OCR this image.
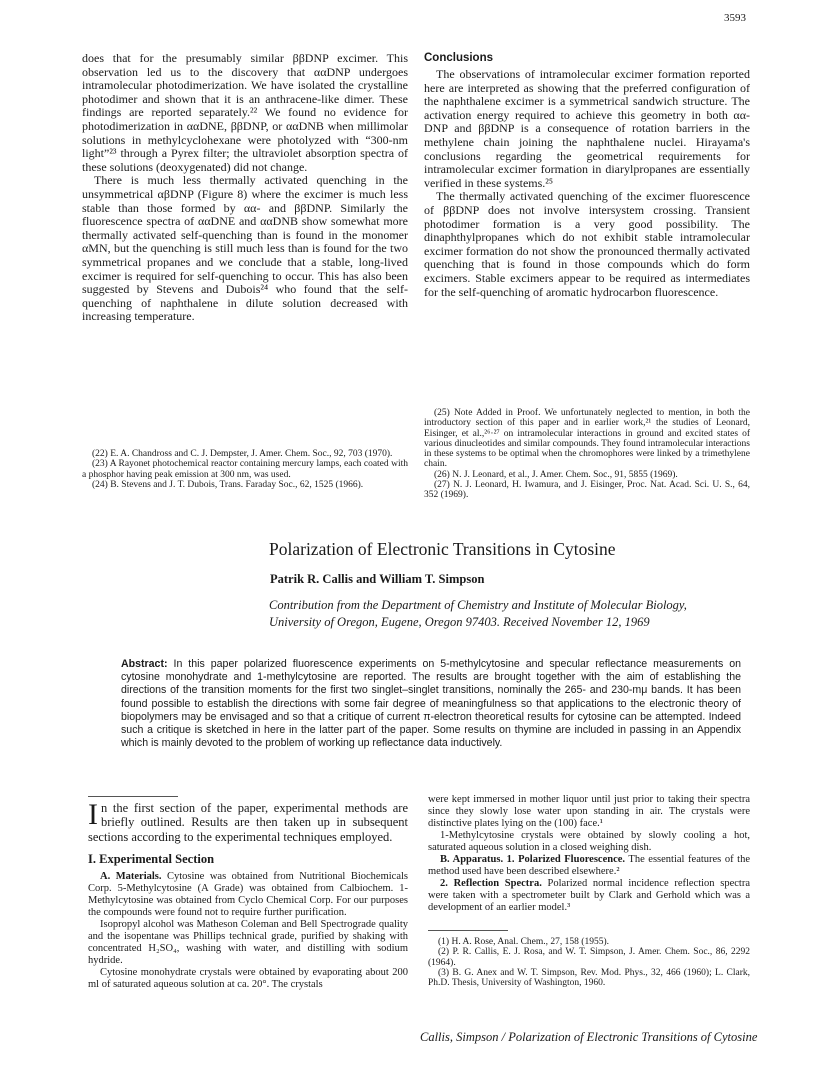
3593

does that for the presumably similar ββDNP excimer. This observation led us to the discovery that ααDNP undergoes intramolecular photodimerization. We have isolated the crystalline photodimer and shown that it is an anthracene-like dimer. These findings are reported separately.²² We found no evidence for photodimerization in ααDNE, ββDNP, or ααDNB when millimolar solutions in methylcyclohexane were photolyzed with “300-nm light”²³ through a Pyrex filter; the ultraviolet absorption spectra of these solutions (deoxygenated) did not change.

There is much less thermally activated quenching in the unsymmetrical αβDNP (Figure 8) where the excimer is much less stable than those formed by αα- and ββDNP. Similarly the fluorescence spectra of ααDNE and ααDNB show somewhat more thermally activated self-quenching than is found in the monomer αMN, but the quenching is still much less than is found for the two symmetrical propanes and we conclude that a stable, long-lived excimer is required for self-quenching to occur. This has also been suggested by Stevens and Dubois²⁴ who found that the self-quenching of naphthalene in dilute solution decreased with increasing temperature.

(22) E. A. Chandross and C. J. Dempster, J. Amer. Chem. Soc., 92, 703 (1970).

(23) A Rayonet photochemical reactor containing mercury lamps, each coated with a phosphor having peak emission at 300 nm, was used.

(24) B. Stevens and J. T. Dubois, Trans. Faraday Soc., 62, 1525 (1966).

Conclusions

The observations of intramolecular excimer formation reported here are interpreted as showing that the preferred configuration of the naphthalene excimer is a symmetrical sandwich structure. The activation energy required to achieve this geometry in both αα-DNP and ββDNP is a consequence of rotation barriers in the methylene chain joining the naphthalene nuclei. Hirayama's conclusions regarding the geometrical requirements for intramolecular excimer formation in diarylpropanes are essentially verified in these systems.²⁵

The thermally activated quenching of the excimer fluorescence of ββDNP does not involve intersystem crossing. Transient photodimer formation is a very good possibility. The dinaphthylpropanes which do not exhibit stable intramolecular excimer formation do not show the pronounced thermally activated quenching that is found in those compounds which do form excimers. Stable excimers appear to be required as intermediates for the self-quenching of aromatic hydrocarbon fluorescence.

(25) Note Added in Proof. We unfortunately neglected to mention, in both the introductory section of this paper and in earlier work,²¹ the studies of Leonard, Eisinger, et al.,²⁶·²⁷ on intramolecular interactions in ground and excited states of various dinucleotides and similar compounds. They found intramolecular interactions in these systems to be optimal when the chromophores were linked by a trimethylene chain.

(26) N. J. Leonard, et al., J. Amer. Chem. Soc., 91, 5855 (1969).

(27) N. J. Leonard, H. Iwamura, and J. Eisinger, Proc. Nat. Acad. Sci. U. S., 64, 352 (1969).

Polarization of Electronic Transitions in Cytosine
Patrik R. Callis and William T. Simpson

Contribution from the Department of Chemistry and Institute of Molecular Biology,

University of Oregon, Eugene, Oregon 97403. Received November 12, 1969

Abstract: In this paper polarized fluorescence experiments on 5-methylcytosine and specular reflectance measurements on cytosine monohydrate and 1-methylcytosine are reported. The results are brought together with the aim of establishing the directions of the transition moments for the first two singlet–singlet transitions, nominally the 265- and 230-mμ bands. It has been found possible to establish the directions with some fair degree of meaningfulness so that applications to the electronic theory of biopolymers may be envisaged and so that a critique of current π-electron theoretical results for cytosine can be attempted. Indeed such a critique is sketched in here in the latter part of the paper. Some results on thymine are included in passing in an Appendix which is mainly devoted to the problem of working up reflectance data inductively.

In the first section of the paper, experimental methods are briefly outlined. Results are then taken up in subsequent sections according to the experimental techniques employed.

I. Experimental Section

A. Materials. Cytosine was obtained from Nutritional Biochemicals Corp. 5-Methylcytosine (A Grade) was obtained from Calbiochem. 1-Methylcytosine was obtained from Cyclo Chemical Corp. For our purposes the compounds were found not to require further purification.

Isopropyl alcohol was Matheson Coleman and Bell Spectrograde quality and the isopentane was Phillips technical grade, purified by shaking with concentrated H₂SO₄, washing with water, and distilling with sodium hydride.

Cytosine monohydrate crystals were obtained by evaporating about 200 ml of saturated aqueous solution at ca. 20°. The crystals

were kept immersed in mother liquor until just prior to taking their spectra since they slowly lose water upon standing in air. The crystals were distinctive plates lying on the (100) face.¹

1-Methylcytosine crystals were obtained by slowly cooling a hot, saturated aqueous solution in a closed weighing dish.

B. Apparatus. 1. Polarized Fluorescence. The essential features of the method used have been described elsewhere.²

2. Reflection Spectra. Polarized normal incidence reflection spectra were taken with a spectrometer built by Clark and Gerhold which was a development of an earlier model.³

(1) H. A. Rose, Anal. Chem., 27, 158 (1955).

(2) P. R. Callis, E. J. Rosa, and W. T. Simpson, J. Amer. Chem. Soc., 86, 2292 (1964).

(3) B. G. Anex and W. T. Simpson, Rev. Mod. Phys., 32, 466 (1960); L. Clark, Ph.D. Thesis, University of Washington, 1960.

Callis, Simpson / Polarization of Electronic Transitions of Cytosine
